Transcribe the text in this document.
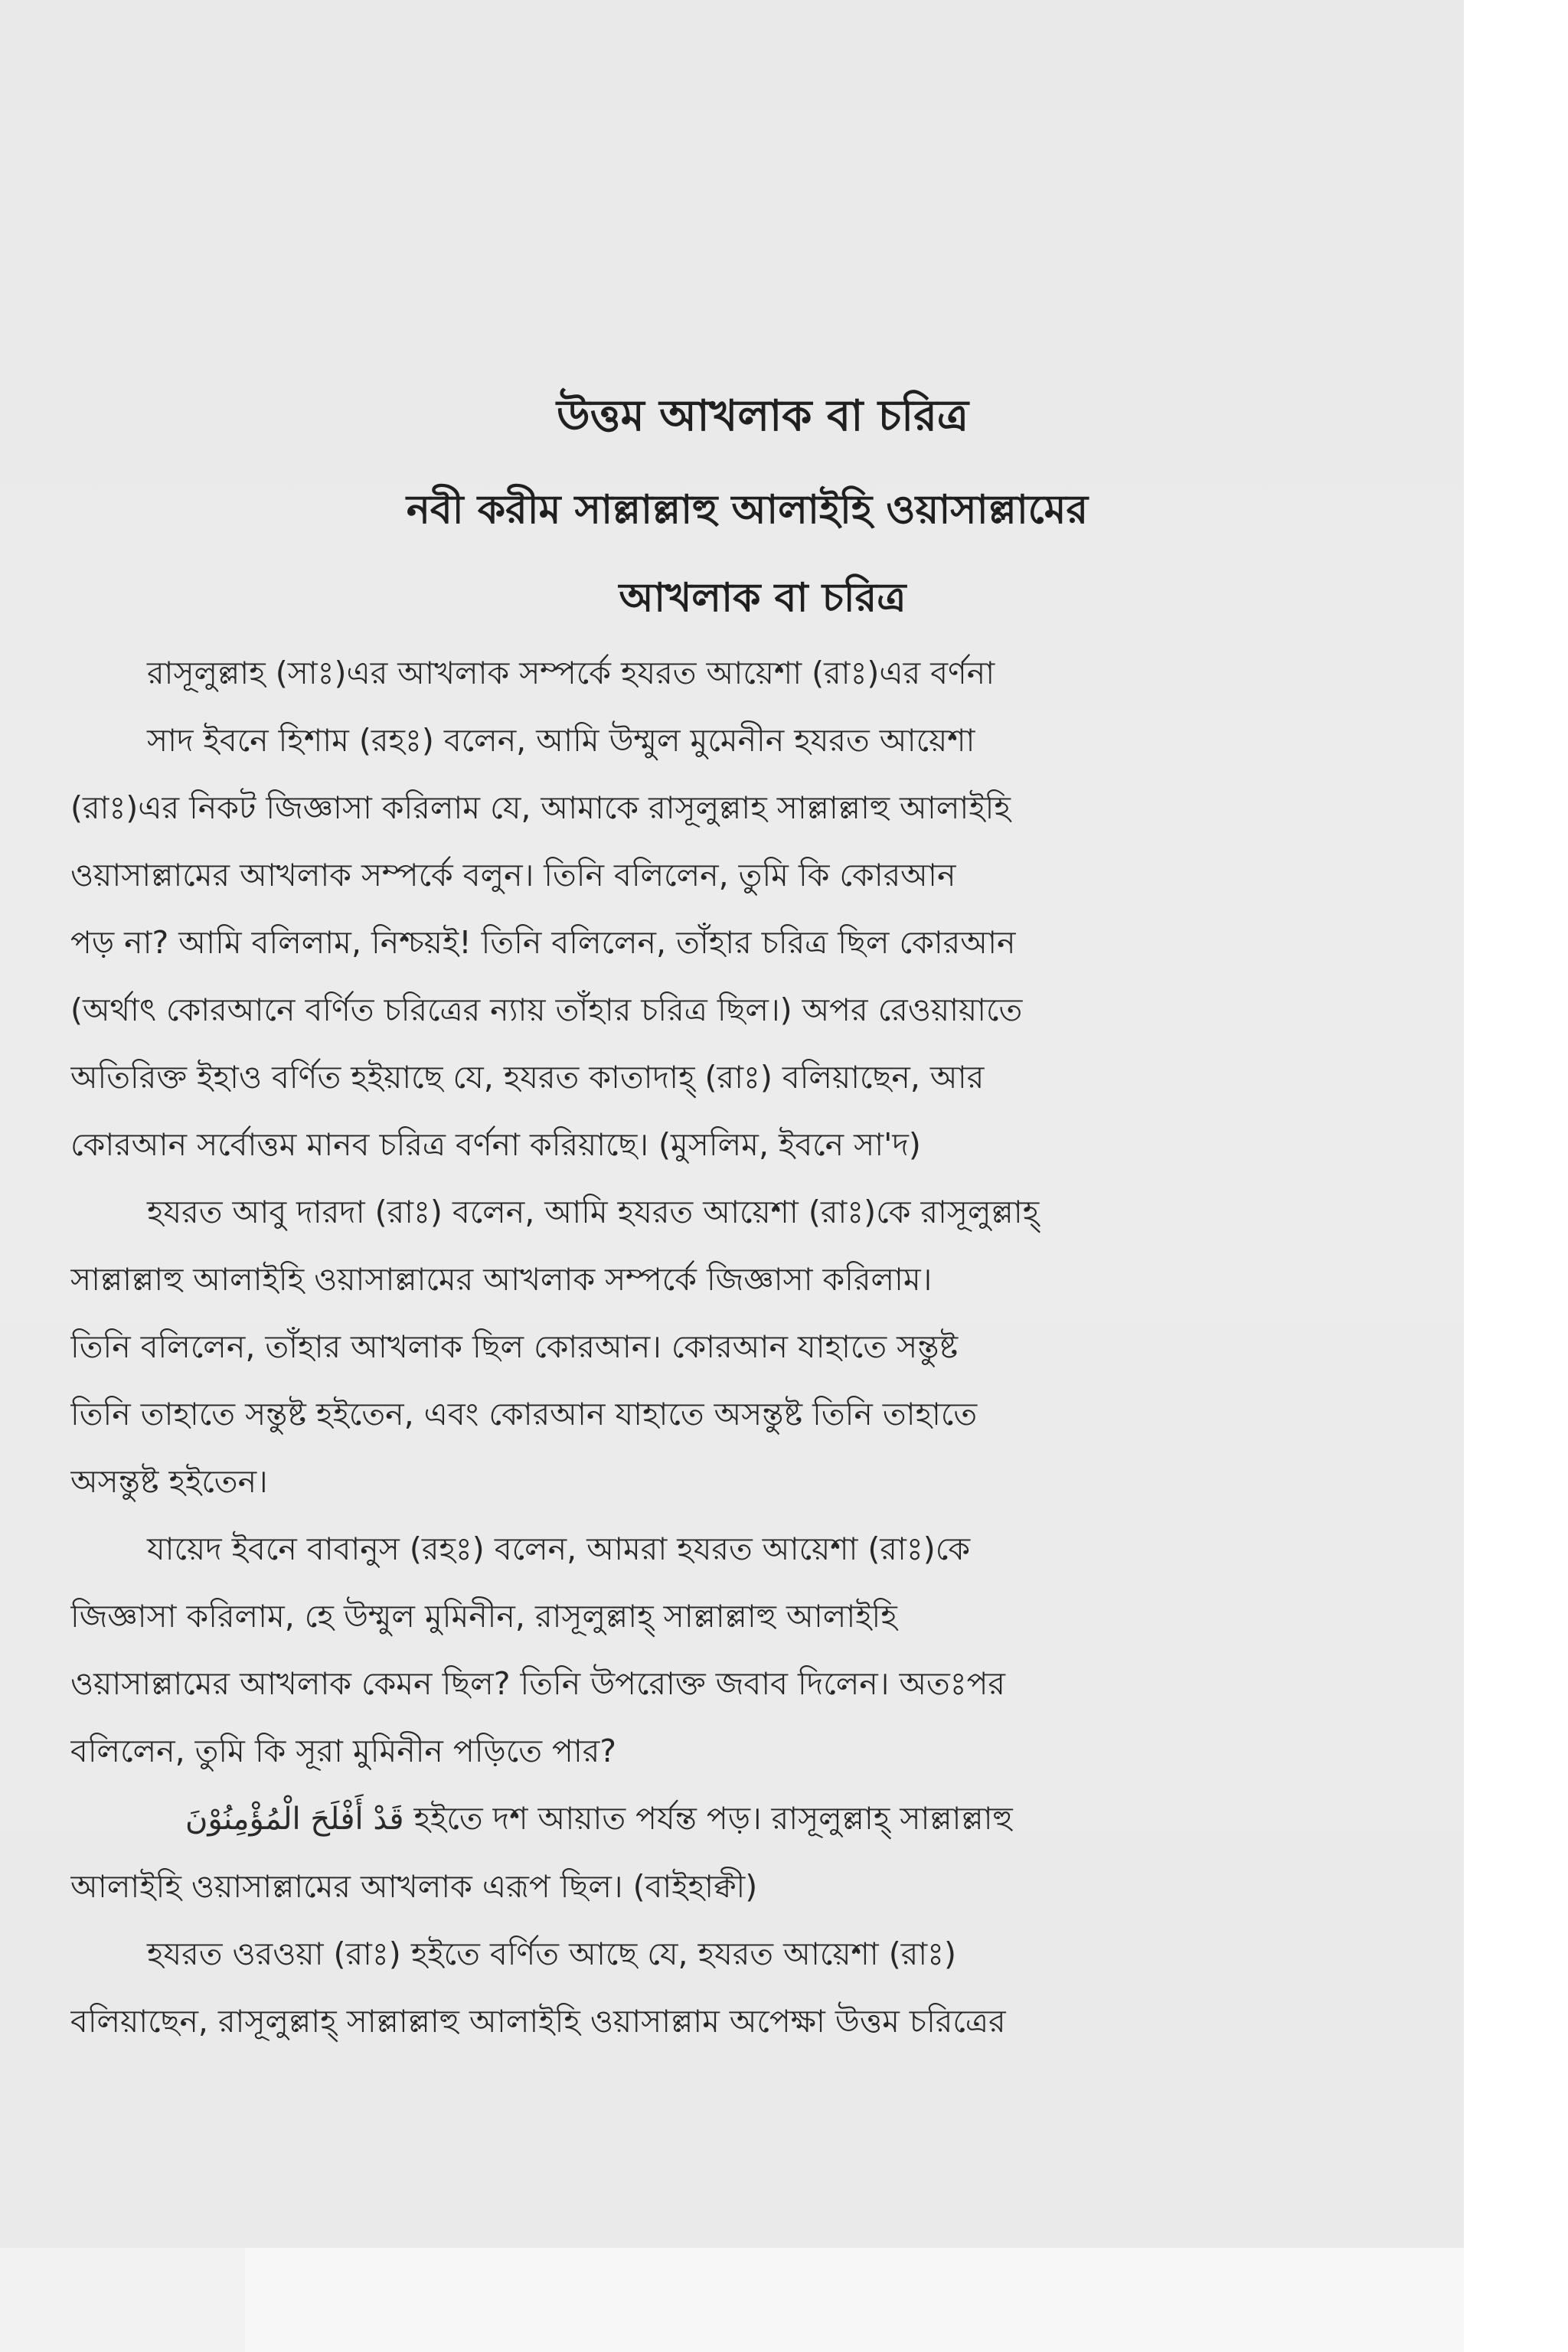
উত্তম আখলাক বা চরিত্র
নবী করীম সাল্লাল্লাহু আলাইহি ওয়াসাল্লামের
আখলাক বা চরিত্র
রাসূলুল্লাহ (সাঃ)এর আখলাক সম্পর্কে হযরত আয়েশা (রাঃ)এর বর্ণনা
সাদ ইবনে হিশাম (রহঃ) বলেন, আমি উম্মুল মুমেনীন হযরত আয়েশা
(রাঃ)এর নিকট জিজ্ঞাসা করিলাম যে, আমাকে রাসূলুল্লাহ সাল্লাল্লাহু আলাইহি
ওয়াসাল্লামের আখলাক সম্পর্কে বলুন। তিনি বলিলেন, তুমি কি কোরআন
পড় না? আমি বলিলাম, নিশ্চয়ই! তিনি বলিলেন, তাঁহার চরিত্র ছিল কোরআন
(অর্থাৎ কোরআনে বর্ণিত চরিত্রের ন্যায় তাঁহার চরিত্র ছিল।) অপর রেওয়ায়াতে
অতিরিক্ত ইহাও বর্ণিত হইয়াছে যে, হযরত কাতাদাহ্ (রাঃ) বলিয়াছেন, আর
কোরআন সর্বোত্তম মানব চরিত্র বর্ণনা করিয়াছে। (মুসলিম, ইবনে সা'দ)
হযরত আবু দারদা (রাঃ) বলেন, আমি হযরত আয়েশা (রাঃ)কে রাসূলুল্লাহ্
সাল্লাল্লাহু আলাইহি ওয়াসাল্লামের আখলাক সম্পর্কে জিজ্ঞাসা করিলাম।
তিনি বলিলেন, তাঁহার আখলাক ছিল কোরআন। কোরআন যাহাতে সন্তুষ্ট
তিনি তাহাতে সন্তুষ্ট হইতেন, এবং কোরআন যাহাতে অসন্তুষ্ট তিনি তাহাতে
অসন্তুষ্ট হইতেন।
যায়েদ ইবনে বাবানুস (রহঃ) বলেন, আমরা হযরত আয়েশা (রাঃ)কে
জিজ্ঞাসা করিলাম, হে উম্মুল মুমিনীন, রাসূলুল্লাহ্ সাল্লাল্লাহু আলাইহি
ওয়াসাল্লামের আখলাক কেমন ছিল? তিনি উপরোক্ত জবাব দিলেন। অতঃপর
বলিলেন, তুমি কি সূরা মুমিনীন পড়িতে পার?
قَدْ أَفْلَحَ الْمُؤْمِنُوْنَ হইতে দশ আয়াত পর্যন্ত পড়। রাসূলুল্লাহ্ সাল্লাল্লাহু
আলাইহি ওয়াসাল্লামের আখলাক এরূপ ছিল। (বাইহাক্বী)
হযরত ওরওয়া (রাঃ) হইতে বর্ণিত আছে যে, হযরত আয়েশা (রাঃ)
বলিয়াছেন, রাসূলুল্লাহ্ সাল্লাল্লাহু আলাইহি ওয়াসাল্লাম অপেক্ষা উত্তম চরিত্রের
